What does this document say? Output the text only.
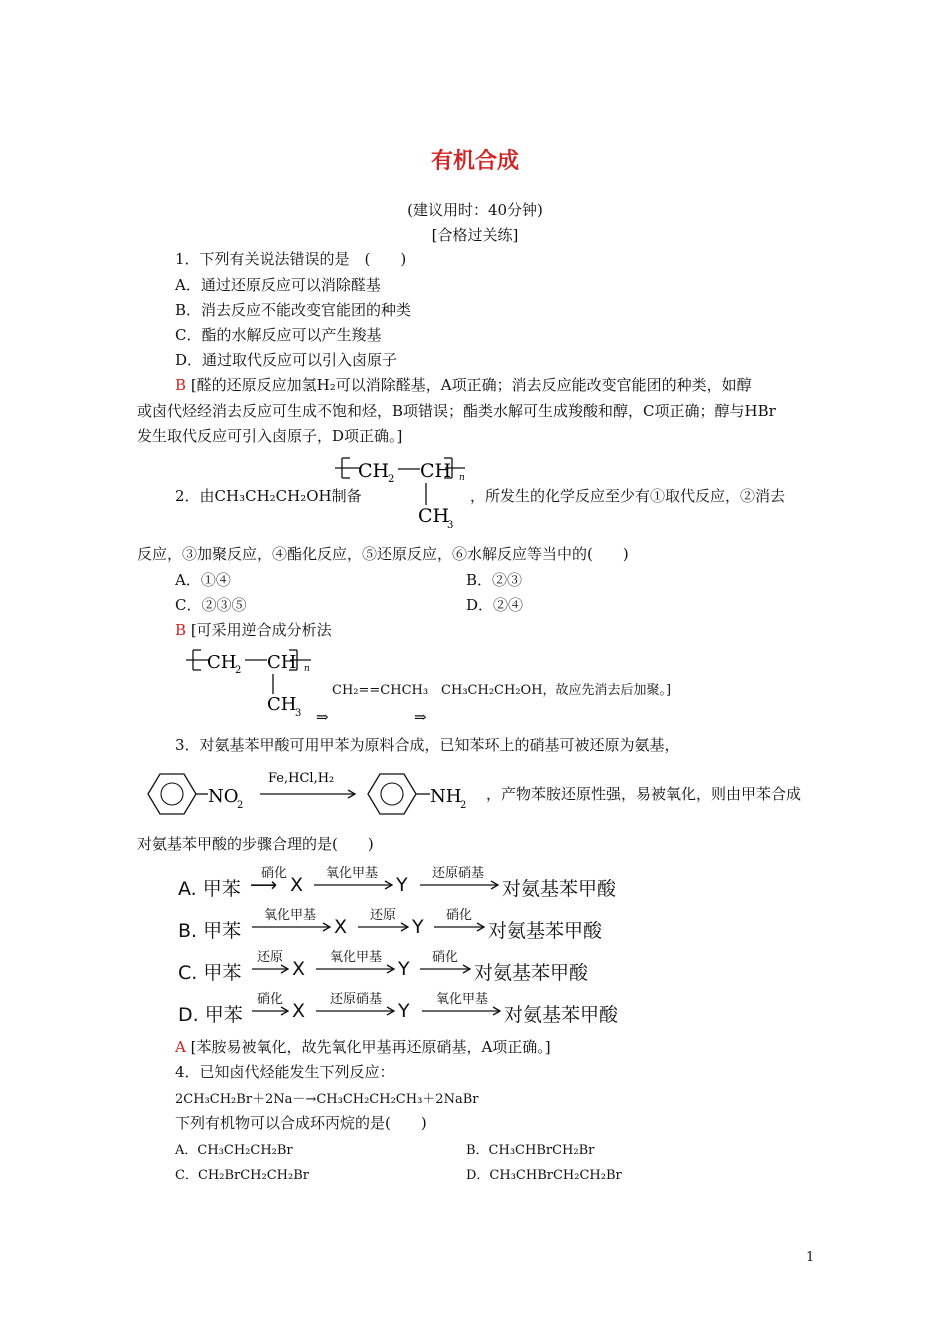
有机合成
(建议用时：40分钟)
[合格过关练]
1．下列有关说法错误的是　(　　)
A．通过还原反应可以消除醛基
B．消去反应不能改变官能团的种类
C．酯的水解反应可以产生羧基
D．通过取代反应可以引入卤原子
B [醛的还原反应加氢H₂可以消除醛基，A项正确；消去反应能改变官能团的种类，如醇
或卤代烃经消去反应可生成不饱和烃，B项错误；酯类水解可生成羧酸和醇，C项正确；醇与HBr
发生取代反应可引入卤原子，D项正确。]
CH
2 CH n
CH
3
2．由CH₃CH₂CH₂OH制备	，所发生的化学反应至少有①取代反应，②消去
反应，③加聚反应，④酯化反应，⑤还原反应，⑥水解反应等当中的(　　)
A．①④	B．②③
C．②③⑤	D．②④
B [可采用逆合成分析法
CH
2 CH n
CH
3
CH₂==CHCH₃　CH₃CH₂CH₂OH，故应先消去后加聚。]
⇒	⇒
3．对氨基苯甲酸可用甲苯为原料合成，已知苯环上的硝基可被还原为氨基，
NO
2
Fe,HCl,H₂
NH
2
，产物苯胺还原性强，易被氧化，则由甲苯合成
对氨基苯甲酸的步骤合理的是(　　)
A. 甲苯
硝化
⟶ X
氧化甲基
Y
还原硝基
对氨基苯甲酸
B. 甲苯
氧化甲基
X
还原
Y
硝化
对氨基苯甲酸
C. 甲苯
还原
X
氧化甲基
Y
硝化
对氨基苯甲酸
D. 甲苯
硝化
X
还原硝基
Y
氧化甲基
对氨基苯甲酸
A [苯胺易被氧化，故先氧化甲基再还原硝基，A项正确。]
4．已知卤代烃能发生下列反应：
2CH₃CH₂Br＋2Na－→CH₃CH₂CH₂CH₃＋2NaBr
下列有机物可以合成环丙烷的是(　　)
A．CH₃CH₂CH₂Br	B．CH₃CHBrCH₂Br
C．CH₂BrCH₂CH₂Br	D．CH₃CHBrCH₂CH₂Br
1
